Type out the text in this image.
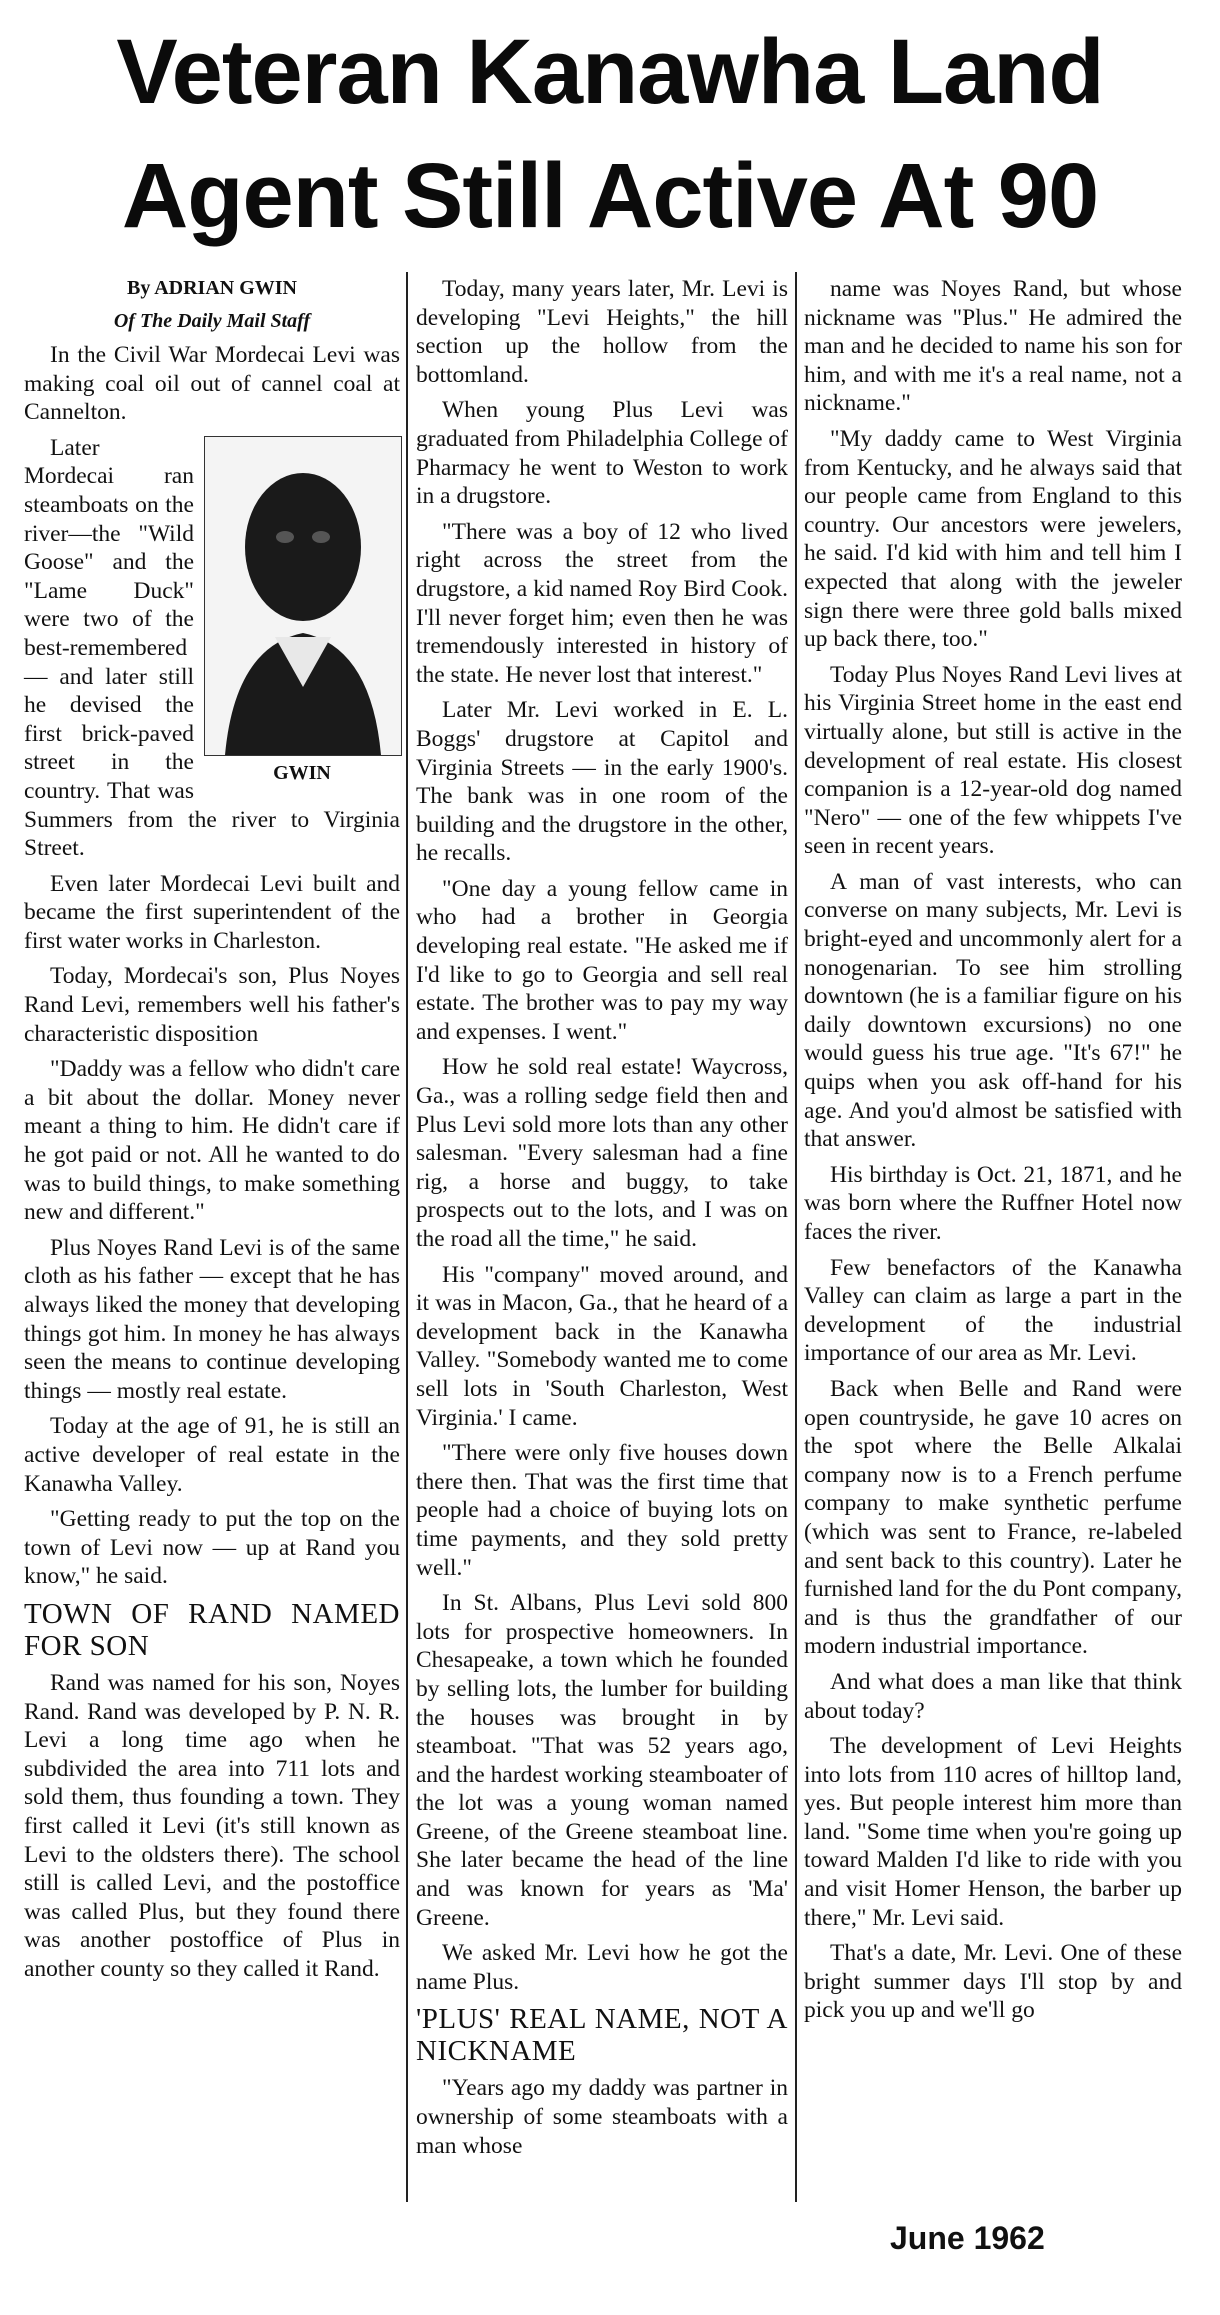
Veteran Kanawha Land
Agent Still Active At 90

By ADRIAN GWIN

Of The Daily Mail Staff

In the Civil War Mordecai Levi was making coal oil out of cannel coal at Cannelton.

GWIN

Later Mordecai ran steamboats on the river—the "Wild Goose" and the "Lame Duck" were two of the best-remembered — and later still he devised the first brick-paved street in the country. That was Summers from the river to Virginia Street.

Even later Mordecai Levi built and became the first superintendent of the first water works in Charleston.

Today, Mordecai's son, Plus Noyes Rand Levi, remembers well his father's characteristic disposition

"Daddy was a fellow who didn't care a bit about the dollar. Money never meant a thing to him. He didn't care if he got paid or not. All he wanted to do was to build things, to make something new and different."

Plus Noyes Rand Levi is of the same cloth as his father — except that he has always liked the money that developing things got him. In money he has always seen the means to continue developing things — mostly real estate.

Today at the age of 91, he is still an active developer of real estate in the Kanawha Valley.

"Getting ready to put the top on the town of Levi now — up at Rand you know," he said.

TOWN OF RAND NAMED FOR SON

Rand was named for his son, Noyes Rand. Rand was developed by P. N. R. Levi a long time ago when he subdivided the area into 711 lots and sold them, thus founding a town. They first called it Levi (it's still known as Levi to the oldsters there). The school still is called Levi, and the postoffice was called Plus, but they found there was another postoffice of Plus in another county so they called it Rand.

Today, many years later, Mr. Levi is developing "Levi Heights," the hill section up the hollow from the bottomland.

When young Plus Levi was graduated from Philadelphia College of Pharmacy he went to Weston to work in a drugstore.

"There was a boy of 12 who lived right across the street from the drugstore, a kid named Roy Bird Cook. I'll never forget him; even then he was tremendously interested in history of the state. He never lost that interest."

Later Mr. Levi worked in E. L. Boggs' drugstore at Capitol and Virginia Streets — in the early 1900's. The bank was in one room of the building and the drugstore in the other, he recalls.

"One day a young fellow came in who had a brother in Georgia developing real estate. "He asked me if I'd like to go to Georgia and sell real estate. The brother was to pay my way and expenses. I went."

How he sold real estate! Waycross, Ga., was a rolling sedge field then and Plus Levi sold more lots than any other salesman. "Every salesman had a fine rig, a horse and buggy, to take prospects out to the lots, and I was on the road all the time," he said.

His "company" moved around, and it was in Macon, Ga., that he heard of a development back in the Kanawha Valley. "Somebody wanted me to come sell lots in 'South Charleston, West Virginia.' I came.

"There were only five houses down there then. That was the first time that people had a choice of buying lots on time payments, and they sold pretty well."

In St. Albans, Plus Levi sold 800 lots for prospective homeowners. In Chesapeake, a town which he founded by selling lots, the lumber for building the houses was brought in by steamboat. "That was 52 years ago, and the hardest working steamboater of the lot was a young woman named Greene, of the Greene steamboat line. She later became the head of the line and was known for years as 'Ma' Greene.

We asked Mr. Levi how he got the name Plus.

'PLUS' REAL NAME, NOT A NICKNAME

"Years ago my daddy was partner in ownership of some steamboats with a man whose

name was Noyes Rand, but whose nickname was "Plus." He admired the man and he decided to name his son for him, and with me it's a real name, not a nickname."

"My daddy came to West Virginia from Kentucky, and he always said that our people came from England to this country. Our ancestors were jewelers, he said. I'd kid with him and tell him I expected that along with the jeweler sign there were three gold balls mixed up back there, too."

Today Plus Noyes Rand Levi lives at his Virginia Street home in the east end virtually alone, but still is active in the development of real estate. His closest companion is a 12-year-old dog named "Nero" — one of the few whippets I've seen in recent years.

A man of vast interests, who can converse on many subjects, Mr. Levi is bright-eyed and uncommonly alert for a nonogenarian. To see him strolling downtown (he is a familiar figure on his daily downtown excursions) no one would guess his true age. "It's 67!" he quips when you ask off-hand for his age. And you'd almost be satisfied with that answer.

His birthday is Oct. 21, 1871, and he was born where the Ruffner Hotel now faces the river.

Few benefactors of the Kanawha Valley can claim as large a part in the development of the industrial importance of our area as Mr. Levi.

Back when Belle and Rand were open countryside, he gave 10 acres on the spot where the Belle Alkalai company now is to a French perfume company to make synthetic perfume (which was sent to France, re-labeled and sent back to this country). Later he furnished land for the du Pont company, and is thus the grandfather of our modern industrial importance.

And what does a man like that think about today?

The development of Levi Heights into lots from 110 acres of hilltop land, yes. But people interest him more than land. "Some time when you're going up toward Malden I'd like to ride with you and visit Homer Henson, the barber up there," Mr. Levi said.

That's a date, Mr. Levi. One of these bright summer days I'll stop by and pick you up and we'll go

June 1962
